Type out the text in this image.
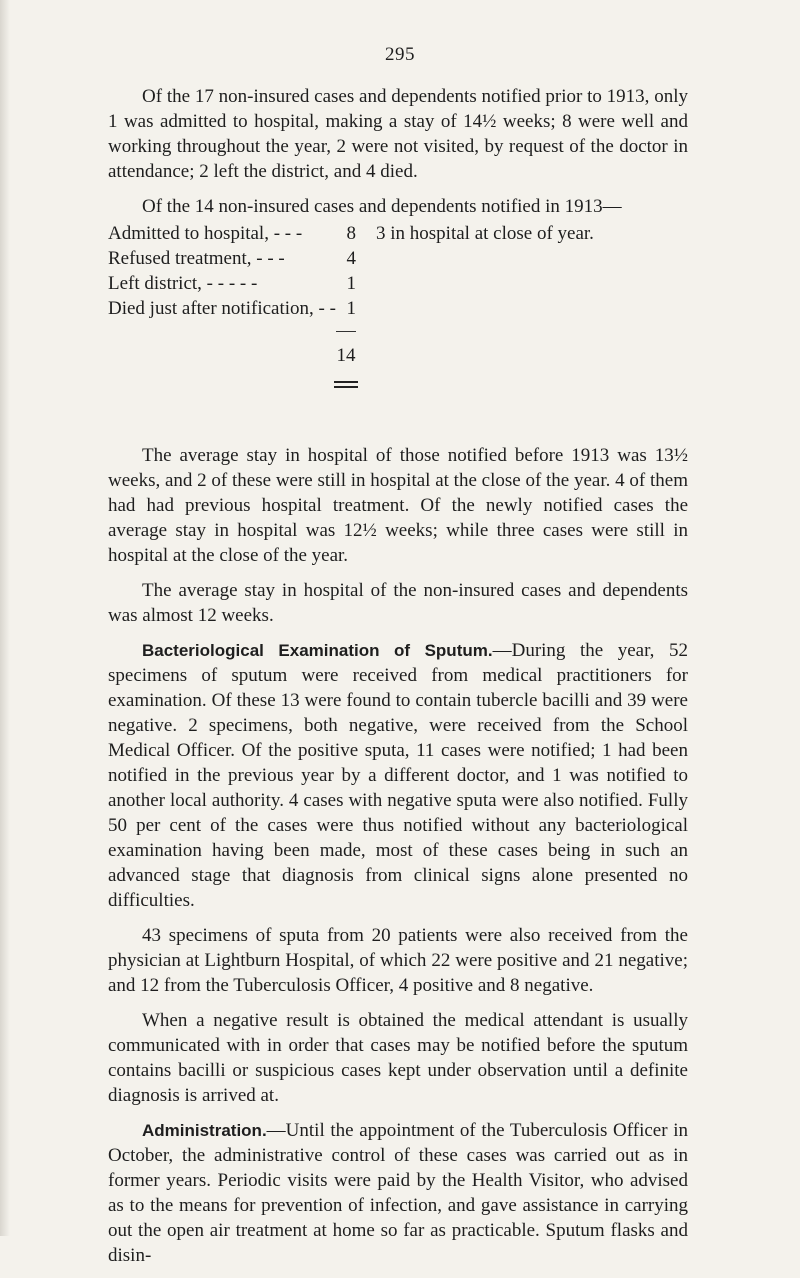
295

Of the 17 non-insured cases and dependents notified prior to 1913, only 1 was admitted to hospital, making a stay of 14½ weeks; 8 were well and working throughout the year, 2 were not visited, by request of the doctor in attendance; 2 left the district, and 4 died.

Of the 14 non-insured cases and dependents notified in 1913—

Admitted to hospital, - - -	8 3 in hospital at close of year.
Refused treatment, - - -	4
Left district, - - - - -	1
Died just after notification, - - 1
14

The average stay in hospital of those notified before 1913 was 13½ weeks, and 2 of these were still in hospital at the close of the year. 4 of them had had previous hospital treatment. Of the newly notified cases the average stay in hospital was 12½ weeks; while three cases were still in hospital at the close of the year.

The average stay in hospital of the non-insured cases and dependents was almost 12 weeks.

Bacteriological Examination of Sputum.—During the year, 52 specimens of sputum were received from medical practitioners for examination. Of these 13 were found to contain tubercle bacilli and 39 were negative. 2 specimens, both negative, were received from the School Medical Officer. Of the positive sputa, 11 cases were notified; 1 had been notified in the previous year by a different doctor, and 1 was notified to another local authority. 4 cases with negative sputa were also notified. Fully 50 per cent of the cases were thus notified without any bacteriological examination having been made, most of these cases being in such an advanced stage that diagnosis from clinical signs alone presented no difficulties.

43 specimens of sputa from 20 patients were also received from the physician at Lightburn Hospital, of which 22 were positive and 21 negative; and 12 from the Tuberculosis Officer, 4 positive and 8 negative.

When a negative result is obtained the medical attendant is usually communicated with in order that cases may be notified before the sputum contains bacilli or suspicious cases kept under observation until a definite diagnosis is arrived at.

Administration.—Until the appointment of the Tuberculosis Officer in October, the administrative control of these cases was carried out as in former years. Periodic visits were paid by the Health Visitor, who advised as to the means for prevention of infection, and gave assistance in carrying out the open air treatment at home so far as practicable. Sputum flasks and disin-
